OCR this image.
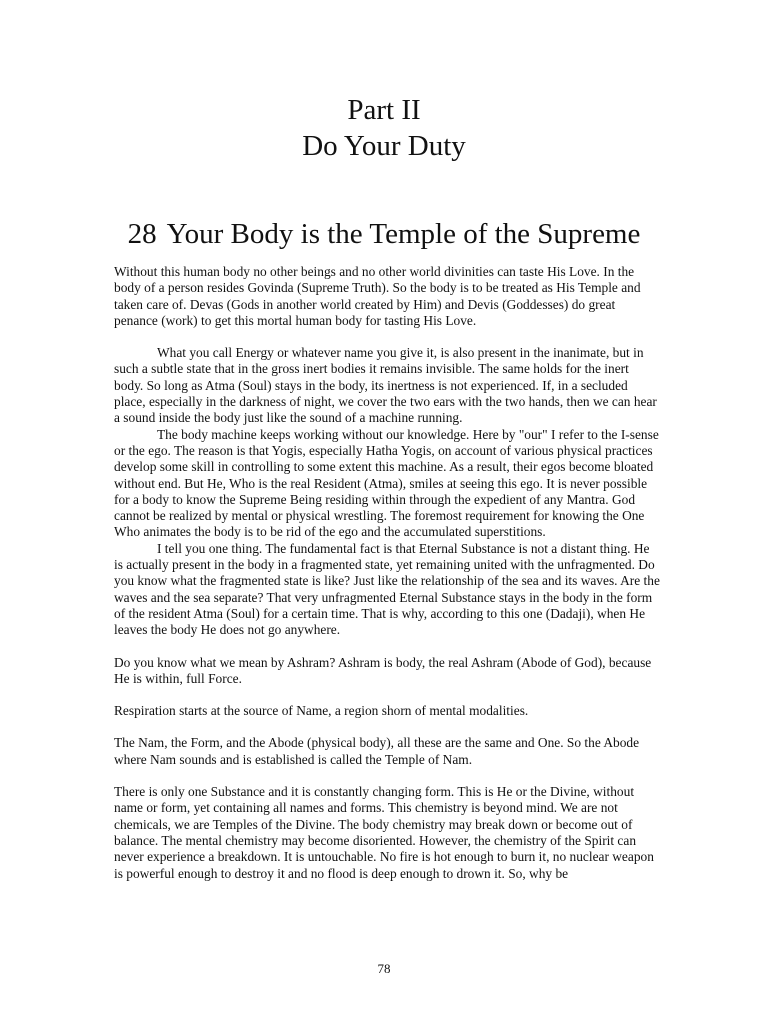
Part II
Do Your Duty
28 Your Body is the Temple of the Supreme

Without this human body no other beings and no other world divinities can taste His Love. In the body of a person resides Govinda (Supreme Truth). So the body is to be treated as His Temple and taken care of. Devas (Gods in another world created by Him) and Devis (Goddesses) do great penance (work) to get this mortal human body for tasting His Love.

What you call Energy or whatever name you give it, is also present in the inanimate, but in such a subtle state that in the gross inert bodies it remains invisible. The same holds for the inert body. So long as Atma (Soul) stays in the body, its inertness is not experienced. If, in a secluded place, especially in the darkness of night, we cover the two ears with the two hands, then we can hear a sound inside the body just like the sound of a machine running.

The body machine keeps working without our knowledge. Here by "our" I refer to the I-sense or the ego. The reason is that Yogis, especially Hatha Yogis, on account of various physical practices develop some skill in controlling to some extent this machine. As a result, their egos become bloated without end. But He, Who is the real Resident (Atma), smiles at seeing this ego. It is never possible for a body to know the Supreme Being residing within through the expedient of any Mantra. God cannot be realized by mental or physical wrestling. The foremost requirement for knowing the One Who animates the body is to be rid of the ego and the accumulated superstitions.

I tell you one thing. The fundamental fact is that Eternal Substance is not a distant thing. He is actually present in the body in a fragmented state, yet remaining united with the unfragmented. Do you know what the fragmented state is like? Just like the relationship of the sea and its waves. Are the waves and the sea separate? That very unfragmented Eternal Substance stays in the body in the form of the resident Atma (Soul) for a certain time. That is why, according to this one (Dadaji), when He leaves the body He does not go anywhere.

Do you know what we mean by Ashram? Ashram is body, the real Ashram (Abode of God), because He is within, full Force.

Respiration starts at the source of Name, a region shorn of mental modalities.

The Nam, the Form, and the Abode (physical body), all these are the same and One. So the Abode where Nam sounds and is established is called the Temple of Nam.

There is only one Substance and it is constantly changing form. This is He or the Divine, without name or form, yet containing all names and forms. This chemistry is beyond mind. We are not chemicals, we are Temples of the Divine. The body chemistry may break down or become out of balance. The mental chemistry may become disoriented. However, the chemistry of the Spirit can never experience a breakdown. It is untouchable. No fire is hot enough to burn it, no nuclear weapon is powerful enough to destroy it and no flood is deep enough to drown it. So, why be

78
